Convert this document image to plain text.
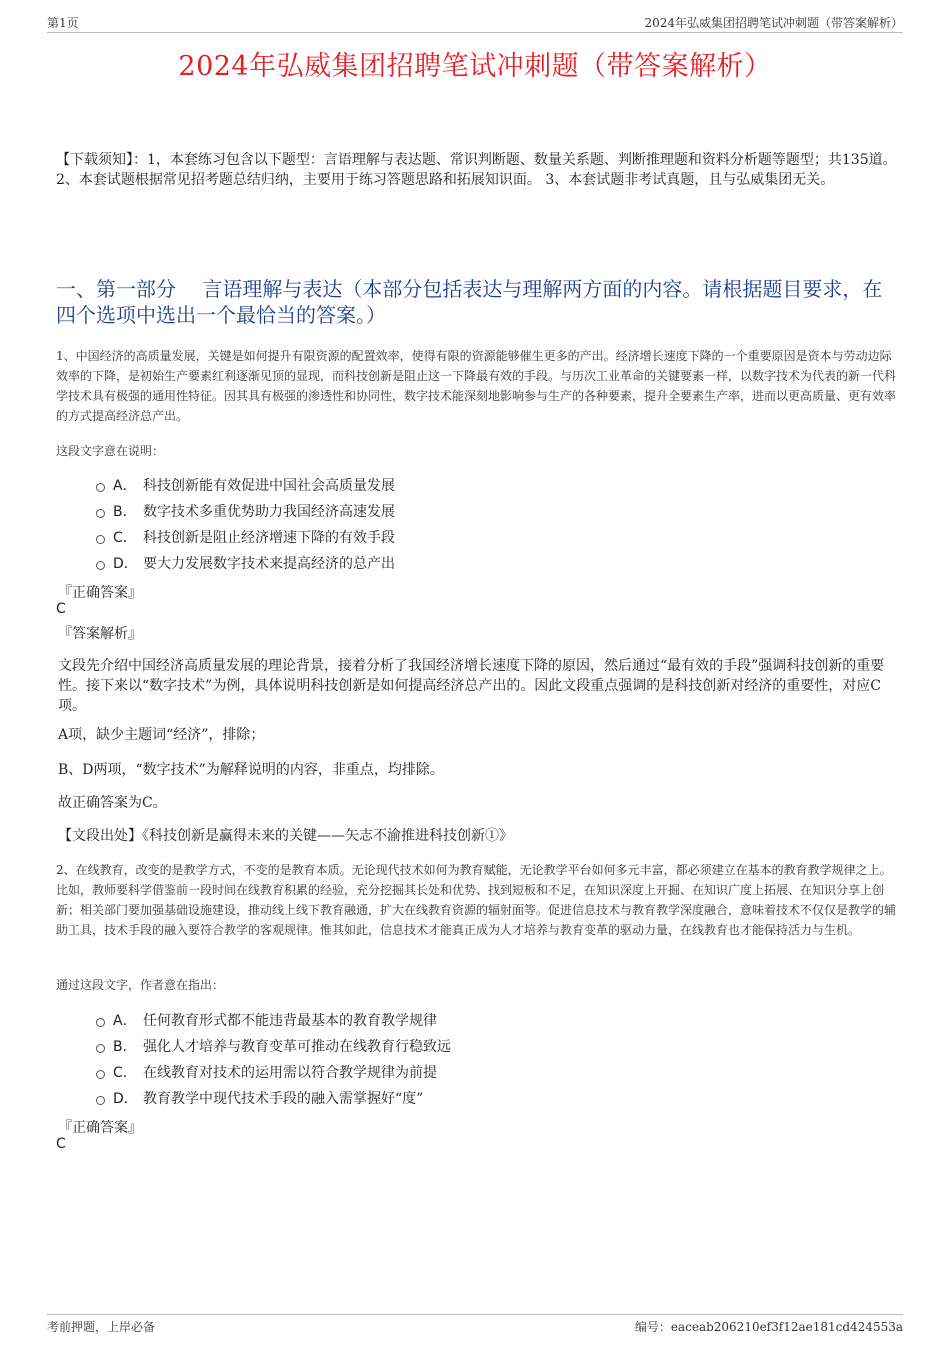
第1页	2024年弘威集团招聘笔试冲刺题（带答案解析）
2024年弘威集团招聘笔试冲刺题（带答案解析）
【下载须知】：1，本套练习包含以下题型：言语理解与表达题、常识判断题、数量关系题、判断推理题和资料分析题等题型；共135道。 2、本套试题根据常见招考题总结归纳，主要用于练习答题思路和拓展知识面。 3、本套试题非考试真题，且与弘威集团无关。
一、第一部分　 言语理解与表达（本部分包括表达与理解两方面的内容。请根据题目要求，在四个选项中选出一个最恰当的答案。）
1、中国经济的高质量发展，关键是如何提升有限资源的配置效率，使得有限的资源能够催生更多的产出。经济增长速度下降的一个重要原因是资本与劳动边际效率的下降，是初始生产要素红利逐渐见顶的显现，而科技创新是阻止这一下降最有效的手段。与历次工业革命的关键要素一样，以数字技术为代表的新一代科学技术具有极强的通用性特征。因其具有极强的渗透性和协同性，数字技术能深刻地影响参与生产的各种要素，提升全要素生产率，进而以更高质量、更有效率的方式提高经济总产出。
这段文字意在说明：
A． 科技创新能有效促进中国社会高质量发展
B． 数字技术多重优势助力我国经济高速发展
C． 科技创新是阻止经济增速下降的有效手段
D． 要大力发展数字技术来提高经济的总产出
『正确答案』
C
『答案解析』
文段先介绍中国经济高质量发展的理论背景，接着分析了我国经济增长速度下降的原因，然后通过“最有效的手段”强调科技创新的重要性。接下来以“数字技术”为例，具体说明科技创新是如何提高经济总产出的。因此文段重点强调的是科技创新对经济的重要性，对应C项。
A项，缺少主题词“经济”，排除；
B、D两项，“数字技术”为解释说明的内容，非重点，均排除。
故正确答案为C。
【文段出处】《科技创新是赢得未来的关键——矢志不渝推进科技创新①》
2、在线教育，改变的是教学方式，不变的是教育本质。无论现代技术如何为教育赋能，无论教学平台如何多元丰富，都必须建立在基本的教育教学规律之上。比如，教师要科学借鉴前一段时间在线教育积累的经验，充分挖掘其长处和优势、找到短板和不足，在知识深度上开掘、在知识广度上拓展、在知识分享上创新；相关部门要加强基础设施建设，推动线上线下教育融通，扩大在线教育资源的辐射面等。促进信息技术与教育教学深度融合，意味着技术不仅仅是教学的辅助工具，技术手段的融入要符合教学的客观规律。惟其如此，信息技术才能真正成为人才培养与教育变革的驱动力量，在线教育也才能保持活力与生机。
通过这段文字，作者意在指出：
A． 任何教育形式都不能违背最基本的教育教学规律
B． 强化人才培养与教育变革可推动在线教育行稳致远
C． 在线教育对技术的运用需以符合教学规律为前提
D． 教育教学中现代技术手段的融入需掌握好“度”
『正确答案』
C
考前押题，上岸必备	编号：eaceab206210ef3f12ae181cd424553a
